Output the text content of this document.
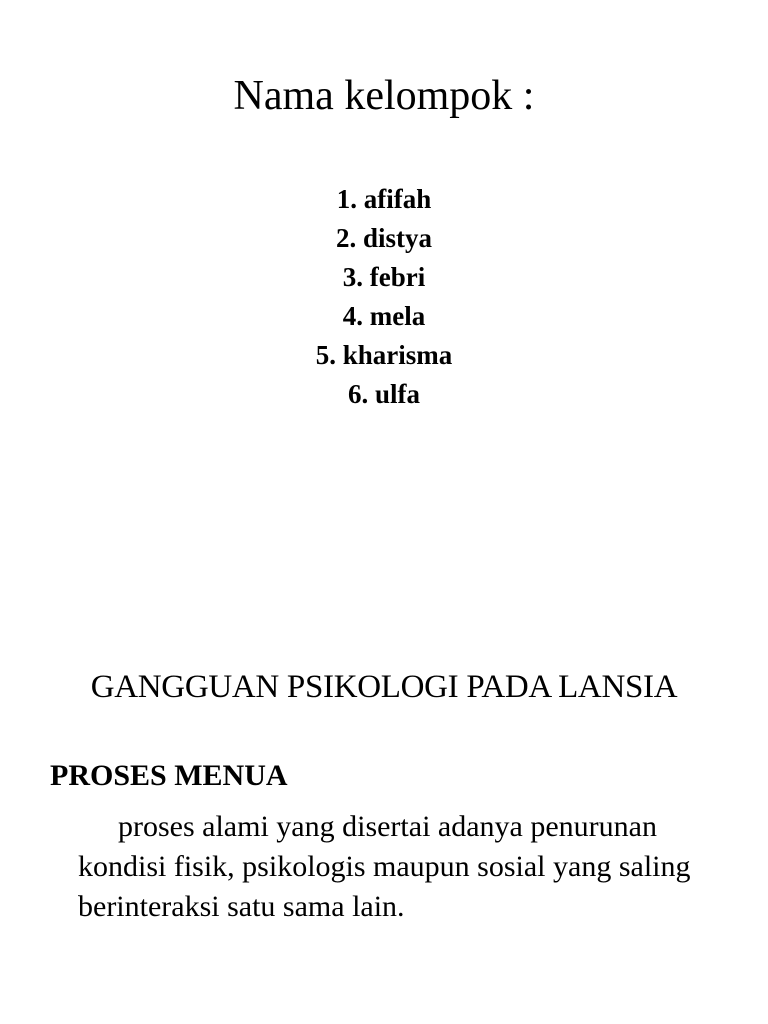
Nama kelompok :
1. afifah
2. distya
3. febri
4. mela
5. kharisma
6. ulfa
GANGGUAN PSIKOLOGI PADA LANSIA
PROSES MENUA

proses alami yang disertai adanya penurunan kondisi fisik, psikologis maupun sosial yang saling berinteraksi satu sama lain.
